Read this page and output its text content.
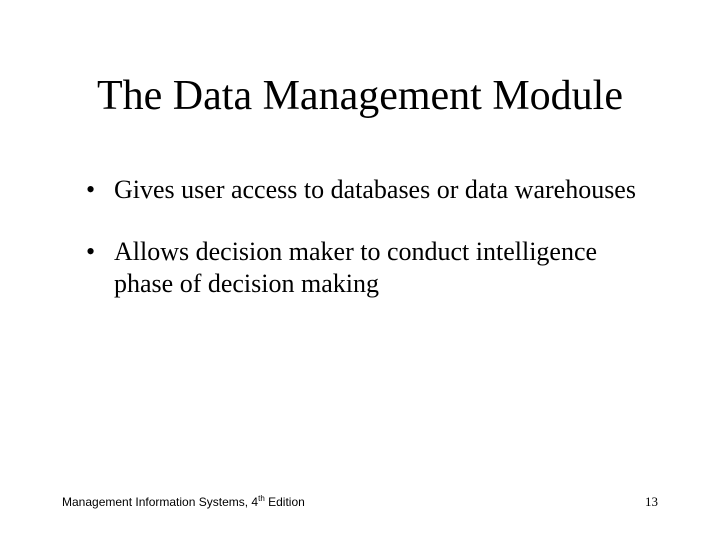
The Data Management Module
• Gives user access to databases or data warehouses
• Allows decision maker to conduct intelligence phase of decision making
Management Information Systems, 4th Edition	13
